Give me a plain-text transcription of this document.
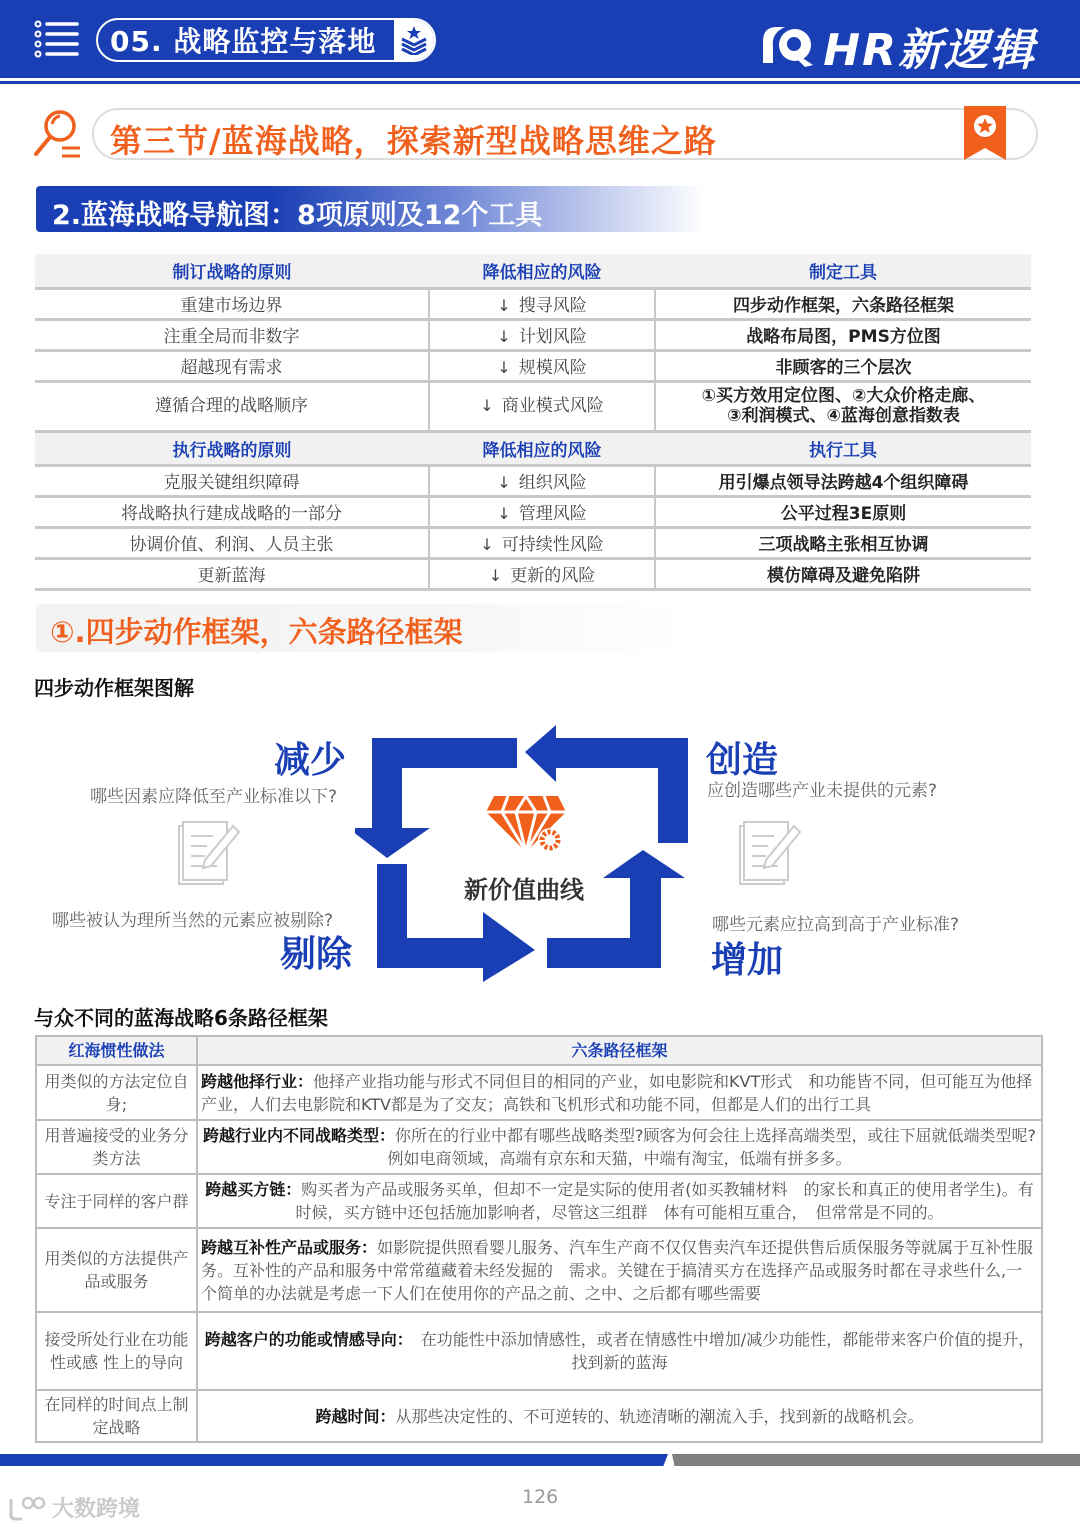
05. 战略监控与落地	HR新逻辑
第三节/蓝海战略，探索新型战略思维之路
2.蓝海战略导航图：8项原则及12个工具
制订战略的原则	降低相应的风险	制定工具
重建市场边界	↓ 搜寻风险	四步动作框架，六条路径框架
注重全局而非数字	↓ 计划风险	战略布局图，PMS方位图
超越现有需求	↓ 规模风险	非顾客的三个层次
遵循合理的战略顺序	↓ 商业模式风险	①买方效用定位图、②大众价格走廊、
③利润模式、④蓝海创意指数表

执行战略的原则	降低相应的风险	执行工具
克服关键组织障碍	↓ 组织风险	用引爆点领导法跨越4个组织障碍
将战略执行建成战略的一部分	↓ 管理风险	公平过程3E原则
协调价值、利润、人员主张	↓ 可持续性风险	三项战略主张相互协调
更新蓝海	↓ 更新的风险	模仿障碍及避免陷阱
①.四步动作框架，六条路径框架
四步动作框架图解
新价值曲线
减少
哪些因素应降低至产业标准以下?
哪些被认为理所当然的元素应被剔除?
剔除
创造
应创造哪些产业未提供的元素?
哪些元素应拉高到高于产业标准?
增加
与众不同的蓝海战略6条路径框架
红海惯性做法	六条路径框架
用类似的方法定位自身;	跨越他择行业：他择产业指功能与形式不同但目的相同的产业，如电影院和KVT形式　和功能皆不同，但可能互为他择产业，人们去电影院和KTV都是为了交友；高铁和飞机形式和功能不同，但都是人们的出行工具
用普遍接受的业务分类方法	跨越行业内不同战略类型：你所在的行业中都有哪些战略类型?顾客为何会往上选择高端类型，或往下屈就低端类型呢?例如电商领域，高端有京东和天猫，中端有淘宝，低端有拼多多。
专注于同样的客户群	跨越买方链：购买者为产品或服务买单，但却不一定是实际的使用者(如买教辅材料　的家长和真正的使用者学生)。有时候，买方链中还包括施加影响者，尽管这三组群　体有可能相互重合，　但常常是不同的。
用类似的方法提供产品或服务	跨越互补性产品或服务：如影院提供照看婴儿服务、汽车生产商不仅仅售卖汽车还提供售后质保服务等就属于互补性服务。互补性的产品和服务中常常蕴藏着未经发掘的　需求。关键在于搞清买方在选择产品或服务时都在寻求些什么,一个简单的办法就是考虑一下人们在使用你的产品之前、之中、之后都有哪些需要
接受所处行业在功能性或感 性上的导向	跨越客户的功能或情感导向：　在功能性中添加情感性，或者在情感性中增加/减少功能性，都能带来客户价值的提升，找到新的蓝海
在同样的时间点上制定战略	跨越时间：从那些决定性的、不可逆转的、轨迹清晰的潮流入手，找到新的战略机会。
126
大数跨境
